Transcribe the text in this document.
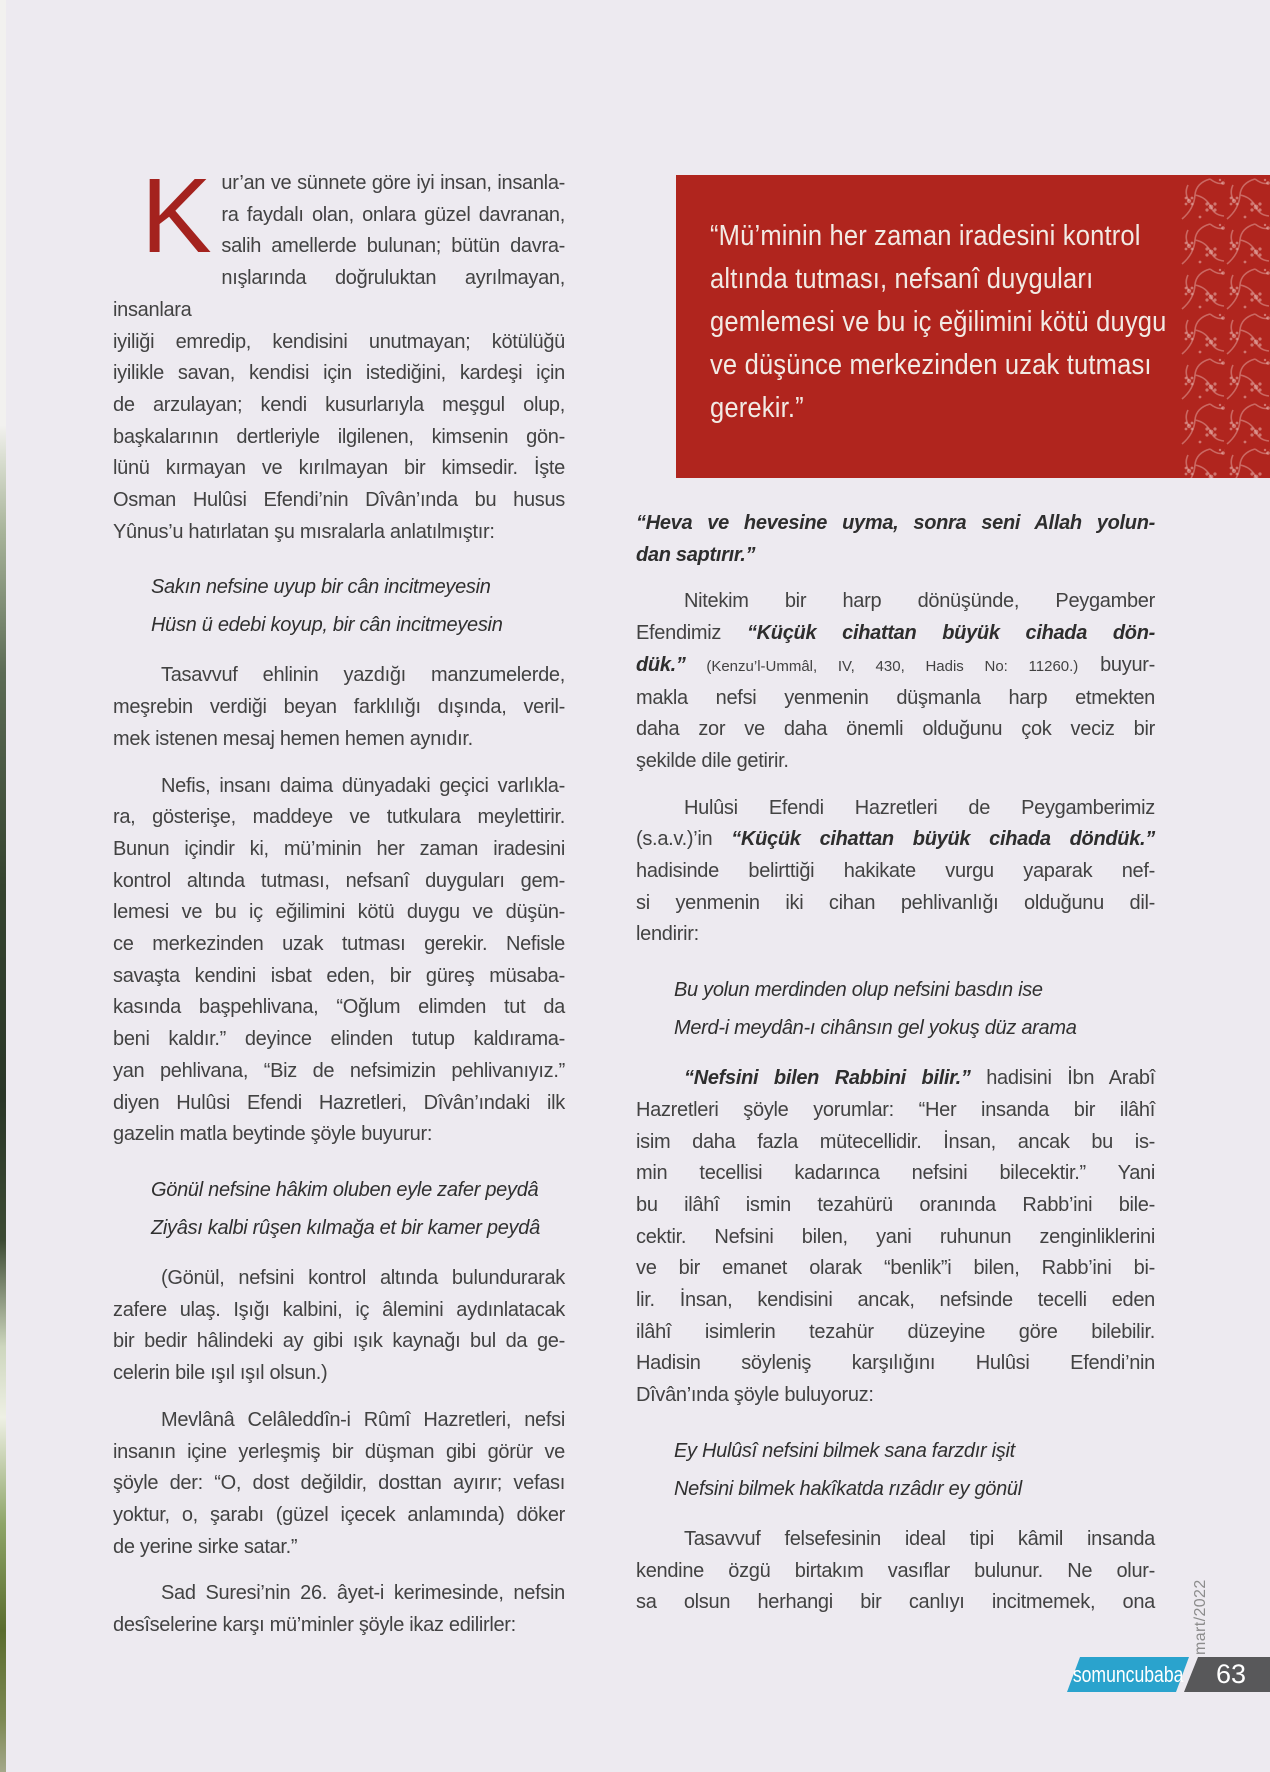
“Mü’minin her zaman iradesini kontrol
altında tutması, nefsanî duyguları
gemlemesi ve bu iç eğilimini kötü duygu
ve düşünce merkezinden uzak tutması
gerekir.”
K ur’an ve sünnete göre iyi insan, insanla-
ra faydalı olan, onlara güzel davranan,
salih amellerde bulunan; bütün davra-
nışlarında doğruluktan ayrılmayan, insanlara
iyiliği emredip, kendisini unutmayan; kötülüğü
iyilikle savan, kendisi için istediğini, kardeşi için
de arzulayan; kendi kusurlarıyla meşgul olup,
başkalarının dertleriyle ilgilenen, kimsenin gön-
lünü kırmayan ve kırılmayan bir kimsedir. İşte
Osman Hulûsi Efendi’nin Dîvân’ında bu husus
Yûnus’u hatırlatan şu mısralarla anlatılmıştır:
Sakın nefsine uyup bir cân incitmeyesin
Hüsn ü edebi koyup, bir cân incitmeyesin
Tasavvuf ehlinin yazdığı manzumelerde,
meşrebin verdiği beyan farklılığı dışında, veril-
mek istenen mesaj hemen hemen aynıdır.
Nefis, insanı daima dünyadaki geçici varlıkla-
ra, gösterişe, maddeye ve tutkulara meylettirir.
Bunun içindir ki, mü’minin her zaman iradesini
kontrol altında tutması, nefsanî duyguları gem-
lemesi ve bu iç eğilimini kötü duygu ve düşün-
ce merkezinden uzak tutması gerekir. Nefisle
savaşta kendini isbat eden, bir güreş müsaba-
kasında başpehlivana, “Oğlum elimden tut da
beni kaldır.” deyince elinden tutup kaldırama-
yan pehlivana, “Biz de nefsimizin pehlivanıyız.”
diyen Hulûsi Efendi Hazretleri, Dîvân’ındaki ilk
gazelin matla beytinde şöyle buyurur:
Gönül nefsine hâkim oluben eyle zafer peydâ
Ziyâsı kalbi rûşen kılmağa et bir kamer peydâ
(Gönül, nefsini kontrol altında bulundurarak
zafere ulaş. Işığı kalbini, iç âlemini aydınlatacak
bir bedir hâlindeki ay gibi ışık kaynağı bul da ge-
celerin bile ışıl ışıl olsun.)
Mevlânâ Celâleddîn-i Rûmî Hazretleri, nefsi
insanın içine yerleşmiş bir düşman gibi görür ve
şöyle der: “O, dost değildir, dosttan ayırır; vefası
yoktur, o, şarabı (güzel içecek anlamında) döker
de yerine sirke satar.”
Sad Suresi’nin 26. âyet-i kerimesinde, nefsin
desîselerine karşı mü’minler şöyle ikaz edilirler:
“Heva ve hevesine uyma, sonra seni Allah yolun-
dan saptırır.”
Nitekim bir harp dönüşünde, Peygamber
Efendimiz “Küçük cihattan büyük cihada dön-
dük.” (Kenzu’l-Ummâl, IV, 430, Hadis No: 11260.) buyur-
makla nefsi yenmenin düşmanla harp etmekten
daha zor ve daha önemli olduğunu çok veciz bir
şekilde dile getirir.
Hulûsi Efendi Hazretleri de Peygamberimiz
(s.a.v.)’in “Küçük cihattan büyük cihada döndük.”
hadisinde belirttiği hakikate vurgu yaparak nef-
si yenmenin iki cihan pehlivanlığı olduğunu dil-
lendirir:
Bu yolun merdinden olup nefsini basdın ise
Merd-i meydân-ı cihânsın gel yokuş düz arama
“Nefsini bilen Rabbini bilir.” hadisini İbn Arabî
Hazretleri şöyle yorumlar: “Her insanda bir ilâhî
isim daha fazla mütecellidir. İnsan, ancak bu is-
min tecellisi kadarınca nefsini bilecektir.” Yani
bu ilâhî ismin tezahürü oranında Rabb’ini bile-
cektir. Nefsini bilen, yani ruhunun zenginliklerini
ve bir emanet olarak “benlik”i bilen, Rabb’ini bi-
lir. İnsan, kendisini ancak, nefsinde tecelli eden
ilâhî isimlerin tezahür düzeyine göre bilebilir.
Hadisin söyleniş karşılığını Hulûsi Efendi’nin
Dîvân’ında şöyle buluyoruz:
Ey Hulûsî nefsini bilmek sana farzdır işit
Nefsini bilmek hakîkatda rızâdır ey gönül
Tasavvuf felsefesinin ideal tipi kâmil insanda
kendine özgü birtakım vasıflar bulunur. Ne olur-
sa olsun herhangi bir canlıyı incitmemek, ona
somuncubaba	63
mart/2022
